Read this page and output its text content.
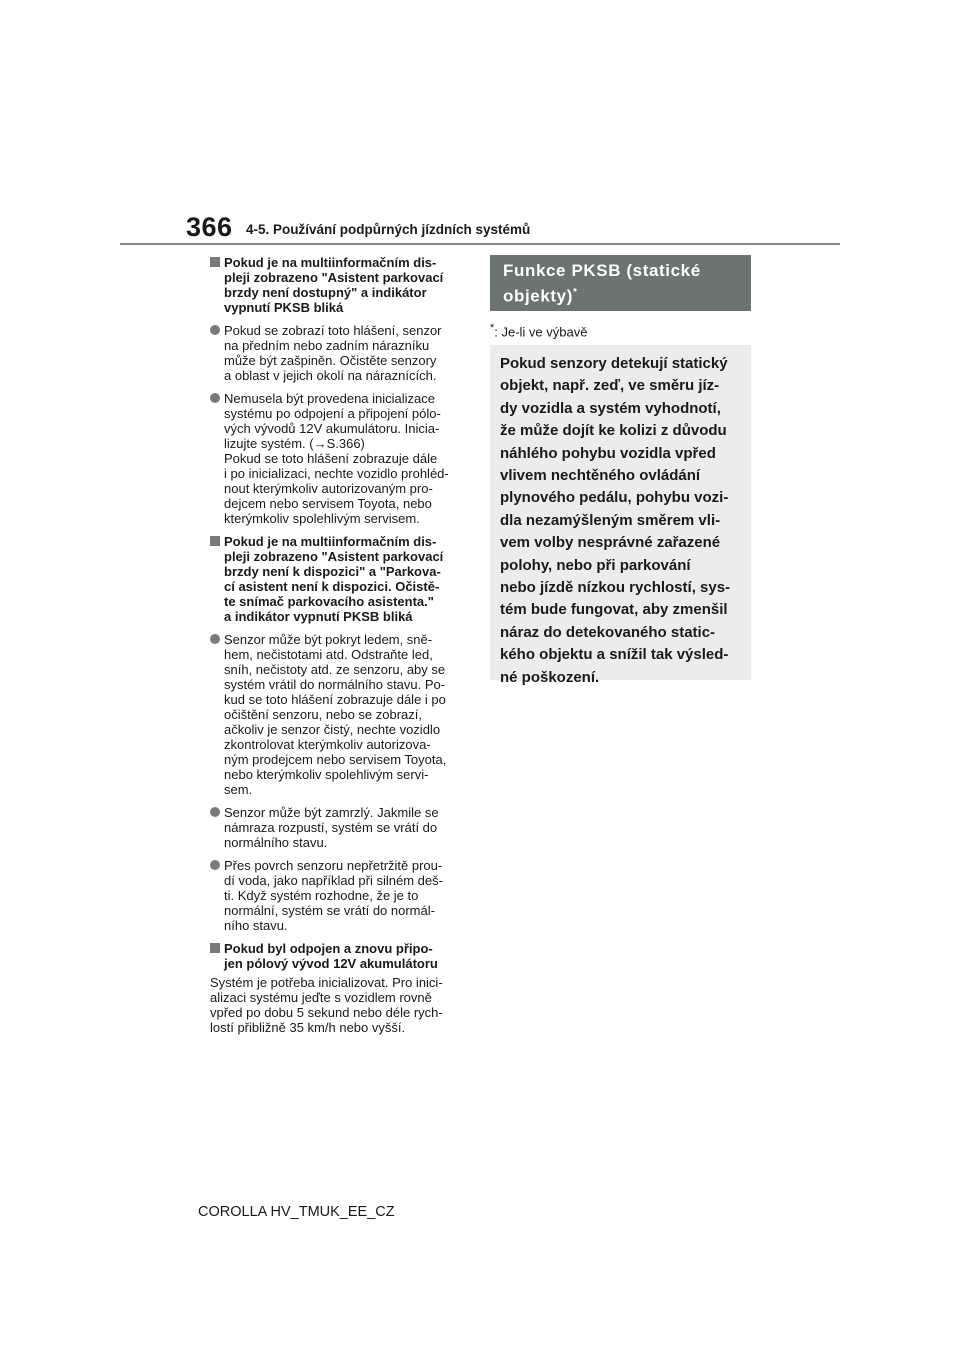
366 4-5. Používání podpůrných jízdních systémů
Pokud je na multiinformačním dis-
pleji zobrazeno "Asistent parkovací
brzdy není dostupný" a indikátor
vypnutí PKSB bliká
Pokud se zobrazí toto hlášení, senzor
na předním nebo zadním nárazníku
může být zašpiněn. Očistěte senzory
a oblast v jejich okolí na náraznících.
Nemusela být provedena inicializace
systému po odpojení a připojení pólo-
vých vývodů 12V akumulátoru. Inicia-
lizujte systém. (→S.366)
Pokud se toto hlášení zobrazuje dále
i po inicializaci, nechte vozidlo prohléd-
nout kterýmkoliv autorizovaným pro-
dejcem nebo servisem Toyota, nebo
kterýmkoliv spolehlivým servisem.
Pokud je na multiinformačním dis-
pleji zobrazeno "Asistent parkovací
brzdy není k dispozici" a "Parkova-
cí asistent není k dispozici. Očistě-
te snímač parkovacího asistenta."
a indikátor vypnutí PKSB bliká
Senzor může být pokryt ledem, sně-
hem, nečistotami atd. Odstraňte led,
sníh, nečistoty atd. ze senzoru, aby se
systém vrátil do normálního stavu. Po-
kud se toto hlášení zobrazuje dále i po
očištění senzoru, nebo se zobrazí,
ačkoliv je senzor čistý, nechte vozidlo
zkontrolovat kterýmkoliv autorizova-
ným prodejcem nebo servisem Toyota,
nebo kterýmkoliv spolehlivým servi-
sem.
Senzor může být zamrzlý. Jakmile se
námraza rozpustí, systém se vrátí do
normálního stavu.
Přes povrch senzoru nepřetržitě prou-
dí voda, jako například při silném deš-
ti. Když systém rozhodne, že je to
normální, systém se vrátí do normál-
ního stavu.
Pokud byl odpojen a znovu připo-
jen pólový vývod 12V akumulátoru
Systém je potřeba inicializovat. Pro inici-
alizaci systému jeďte s vozidlem rovně
vpřed po dobu 5 sekund nebo déle rych-
lostí přibližně 35 km/h nebo vyšší.
Funkce PKSB (statické
objekty)*
*: Je-li ve výbavě
Pokud senzory detekují statický
objekt, např. zeď, ve směru jíz-
dy vozidla a systém vyhodnotí,
že může dojít ke kolizi z důvodu
náhlého pohybu vozidla vpřed
vlivem nechtěného ovládání
plynového pedálu, pohybu vozi-
dla nezamýšleným směrem vli-
vem volby nesprávné zařazené
polohy, nebo při parkování
nebo jízdě nízkou rychlostí, sys-
tém bude fungovat, aby zmenšil
náraz do detekovaného static-
kého objektu a snížil tak výsled-
né poškození.
COROLLA HV_TMUK_EE_CZ
